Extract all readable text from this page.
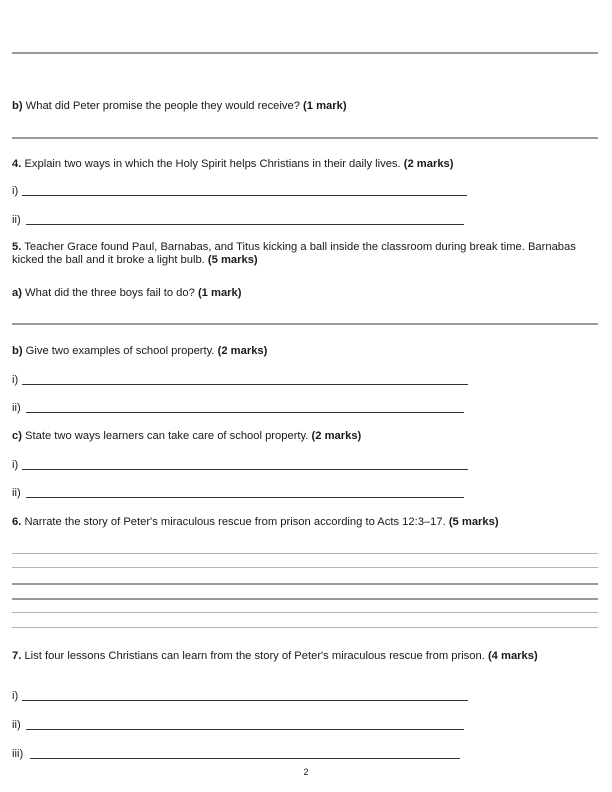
b) What did Peter promise the people they would receive? (1 mark)
4. Explain two ways in which the Holy Spirit helps Christians in their daily lives. (2 marks)
i)
ii)
5. Teacher Grace found Paul, Barnabas, and Titus kicking a ball inside the classroom during break time. Barnabas kicked the ball and it broke a light bulb. (5 marks)
a) What did the three boys fail to do? (1 mark)
b) Give two examples of school property. (2 marks)
i)
ii)
c) State two ways learners can take care of school property. (2 marks)
i)
ii)
6. Narrate the story of Peter's miraculous rescue from prison according to Acts 12:3–17. (5 marks)
7. List four lessons Christians can learn from the story of Peter's miraculous rescue from prison. (4 marks)
i)
ii)
iii)
2
